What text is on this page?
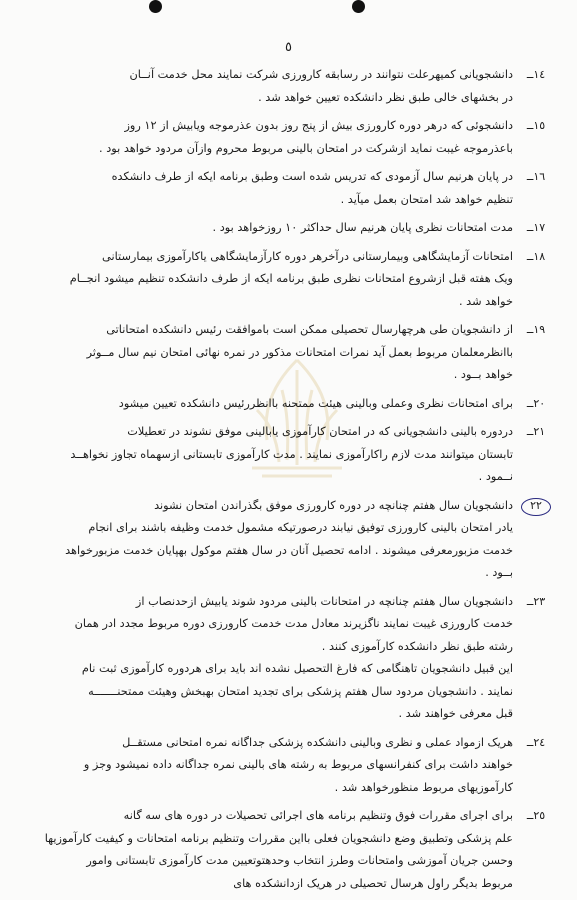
٥
١٤ــ
دانشجویانی کمیهرعلت نتوانند در رسابقه کارورزی شرکت نمایند محل خدمت آنــان
در بخشهای خالی طبق نظر دانشکده تعیین خواهد شد .
١٥ــ
دانشجوئی که درهر دوره کارورزی بیش از پنج روز بدون عذرموجه ویابیش از ۱۲ روز
باعذرموجه غیبت نماید ازشرکت در امتحان بالینی مربوط محروم وازآن مردود خواهد بود .
١٦ــ
در پایان هرنیم سال آزمودی که تدریس شده است وطبق برنامه ایکه از طرف دانشکده
تنظیم خواهد شد امتحان بعمل میآید .
١٧ــ
مدت امتحانات نظری پایان هرنیم سال حداکثر ۱۰ روزخواهد بود .
١٨ــ
امتحانات آزمایشگاهی وبیمارستانی درآخرهر دوره کارآزمایشگاهی یاکارآموزی بیمارستانی
ویک هفته قبل ازشروع امتحانات نظری طبق برنامه ایکه از طرف دانشکده تنظیم میشود انجــام
خواهد شد .
١٩ــ
از دانشجویان طی هرچهارسال تحصیلی ممکن است باموافقت رئیس دانشکده امتحاناتی
باانظرمعلمان مربوط بعمل آید نمرات امتحانات مذکور در نمره نهائی امتحان نیم سال مــوثر
خواهد بــود .
٢٠ــ
برای امتحانات نظری وعملی وبالینی هیئت ممتحنه باانظررئیس دانشکده تعیین میشود
٢١ــ
دردوره بالینی دانشجویانی که در امتحان کارآموزی یابالینی موفق نشوند در تعطیلات
تابستان میتوانند مدت لازم راکارآموزی نمایند . مدت کارآموزی تابستانی ازسهماه تجاوز نخواهــد
نــمود .
٢٢
دانشجویان سال هفتم چنانچه در دوره کارورزی موفق بگذراندن امتحان نشوند
یادر امتحان بالینی کارورزی توفیق نیابند درصورتیکه مشمول خدمت وظیفه باشند برای انجام
خدمت مزبورمعرفی میشوند . ادامه تحصیل آنان در سال هفتم موکول بهپایان خدمت مزبورخواهد
بــود .
٢٣ــ
دانشجویان سال هفتم چنانچه در امتحانات بالینی مردود شوند یابیش ازحدنصاب از
خدمت کارورزی غیبت نمایند ناگزیرند معادل مدت خدمت کارورزی دوره مربوط مجدد ادر همان
رشته طبق نظر دانشکده کارآموزی کنند .
این قبیل دانشجویان تاهنگامی که فارغ التحصیل نشده اند باید برای هردوره کارآموزی ثبت نام
نمایند . دانشجویان مردود سال هفتم پزشکی برای تجدید امتحان بهبخش وهیئت ممتحنـــــــه
قبل معرفی خواهند شد .
٢٤ــ
هریک ازمواد عملی و نظری وبالینی دانشکده پزشکی جداگانه نمره امتحانی مستقــل
خواهند داشت برای کنفرانسهای مربوط به رشته های بالینی نمره جداگانه داده نمیشود وجز و
کارآموزیهای مربوط منظورخواهد شد .
٢٥ــ
برای اجرای مقررات فوق وتنظیم برنامه های اجرائی تحصیلات در دوره های سه گانه
علم پزشکی وتطبیق وضع دانشجویان فعلی بااین مقررات وتنظیم برنامه امتحانات و کیفیت کارآموزیها
وحسن جریان آموزشی وامتحانات وطرز انتخاب وحدهتوتعیین مدت کارآموزی تابستانی وامور
مربوط بدیگر راول هرسال تحصیلی در هریک ازدانشکده های
